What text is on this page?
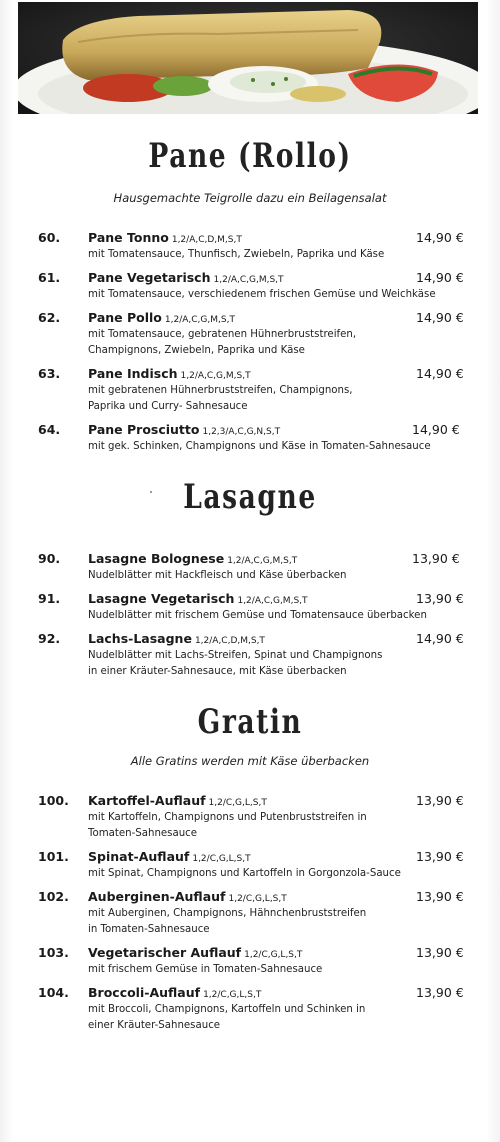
Pane (Rollo)
Hausgemachte Teigrolle dazu ein Beilagensalat
60. Pane Tonno 1,2/A,C,D,M,S,T	14,90 €
mit Tomatensauce, Thunfisch, Zwiebeln, Paprika und Käse
61. Pane Vegetarisch 1,2/A,C,G,M,S,T	14,90 €
mit Tomatensauce, verschiedenem frischen Gemüse und Weichkäse
62. Pane Pollo 1,2/A,C,G,M,S,T	14,90 €
mit Tomatensauce, gebratenen Hühnerbruststreifen, Champignons, Zwiebeln, Paprika und Käse
63. Pane Indisch 1,2/A,C,G,M,S,T	14,90 €
mit gebratenen Hühnerbruststreifen, Champignons, Paprika und Curry- Sahnesauce
64. Pane Prosciutto 1,2,3/A,C,G,N,S,T	14,90 €
mit gek. Schinken, Champignons und Käse in Tomaten-Sahnesauce
Lasagne
90. Lasagne Bolognese 1,2/A,C,G,M,S,T	13,90 €
Nudelblätter mit Hackfleisch und Käse überbacken
91. Lasagne Vegetarisch 1,2/A,C,G,M,S,T	13,90 €
Nudelblätter mit frischem Gemüse und Tomatensauce überbacken
92. Lachs-Lasagne 1,2/A,C,D,M,S,T	14,90 €
Nudelblätter mit Lachs-Streifen, Spinat und Champignons in einer Kräuter-Sahnesauce, mit Käse überbacken
Gratin
Alle Gratins werden mit Käse überbacken
100. Kartoffel-Auflauf 1,2/C,G,L,S,T	13,90 €
mit Kartoffeln, Champignons und Putenbruststreifen in Tomaten-Sahnesauce
101. Spinat-Auflauf 1,2/C,G,L,S,T	13,90 €
mit Spinat, Champignons und Kartoffeln in Gorgonzola-Sauce
102. Auberginen-Auflauf 1,2/C,G,L,S,T	13,90 €
mit Auberginen, Champignons, Hähnchenbruststreifen in Tomaten-Sahnesauce
103. Vegetarischer Auflauf 1,2/C,G,L,S,T	13,90 €
mit frischem Gemüse in Tomaten-Sahnesauce
104. Broccoli-Auflauf 1,2/C,G,L,S,T	13,90 €
mit Broccoli, Champignons, Kartoffeln und Schinken in einer Kräuter-Sahnesauce
